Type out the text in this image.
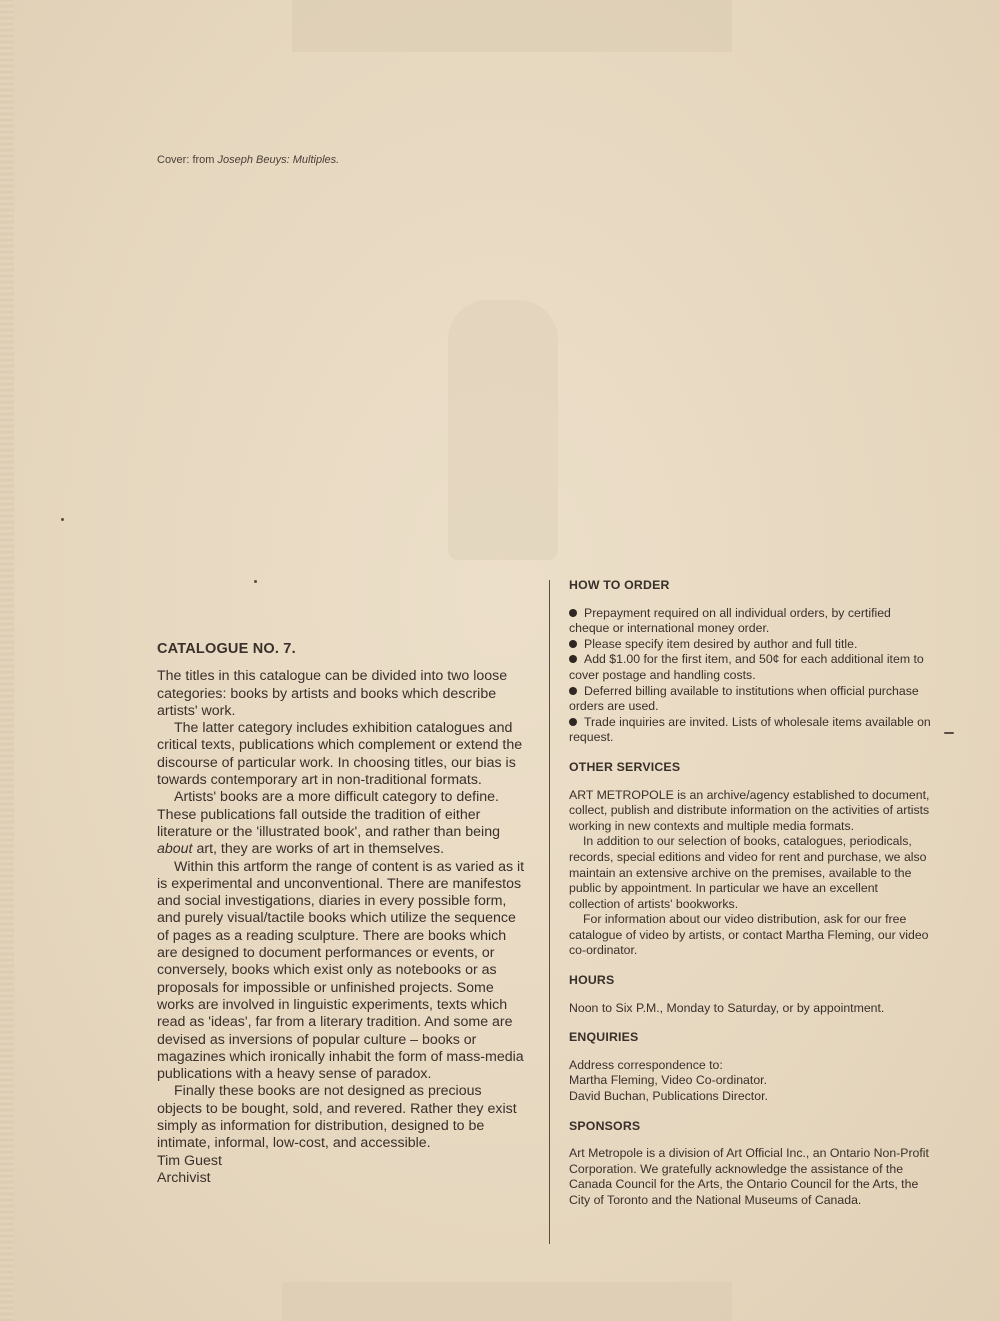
Cover: from Joseph Beuys: Multiples.
CATALOGUE NO. 7.

The titles in this catalogue can be divided into two loose categories: books by artists and books which describe artists' work.

The latter category includes exhibition catalogues and critical texts, publications which complement or extend the discourse of particular work. In choosing titles, our bias is towards contemporary art in non-traditional formats.

Artists' books are a more difficult category to define. These publications fall outside the tradition of either literature or the 'illustrated book', and rather than being about art, they are works of art in themselves.

Within this artform the range of content is as varied as it is experimental and unconventional. There are manifestos and social investigations, diaries in every possible form, and purely visual/tactile books which utilize the sequence of pages as a reading sculpture. There are books which are designed to document performances or events, or conversely, books which exist only as notebooks or as proposals for impossible or unfinished projects. Some works are involved in linguistic experiments, texts which read as 'ideas', far from a literary tradition. And some are devised as inversions of popular culture – books or magazines which ironically inhabit the form of mass-media publications with a heavy sense of paradox.

Finally these books are not designed as precious objects to be bought, sold, and revered. Rather they exist simply as information for distribution, designed to be intimate, informal, low-cost, and accessible.

Tim Guest

Archivist

HOW TO ORDER

Prepayment required on all individual orders, by certified cheque or international money order.

Please specify item desired by author and full title.

Add $1.00 for the first item, and 50¢ for each additional item to cover postage and handling costs.

Deferred billing available to institutions when official purchase orders are used.

Trade inquiries are invited. Lists of wholesale items available on request.

OTHER SERVICES

ART METROPOLE is an archive/agency established to document, collect, publish and distribute information on the activities of artists working in new contexts and multiple media formats.

In addition to our selection of books, catalogues, periodicals, records, special editions and video for rent and purchase, we also maintain an extensive archive on the premises, available to the public by appointment. In particular we have an excellent collection of artists' bookworks.

For information about our video distribution, ask for our free catalogue of video by artists, or contact Martha Fleming, our video co-ordinator.

HOURS

Noon to Six P.M., Monday to Saturday, or by appointment.

ENQUIRIES

Address correspondence to:

Martha Fleming, Video Co-ordinator.

David Buchan, Publications Director.

SPONSORS

Art Metropole is a division of Art Official Inc., an Ontario Non-Profit Corporation. We gratefully acknowledge the assistance of the Canada Council for the Arts, the Ontario Council for the Arts, the City of Toronto and the National Museums of Canada.
